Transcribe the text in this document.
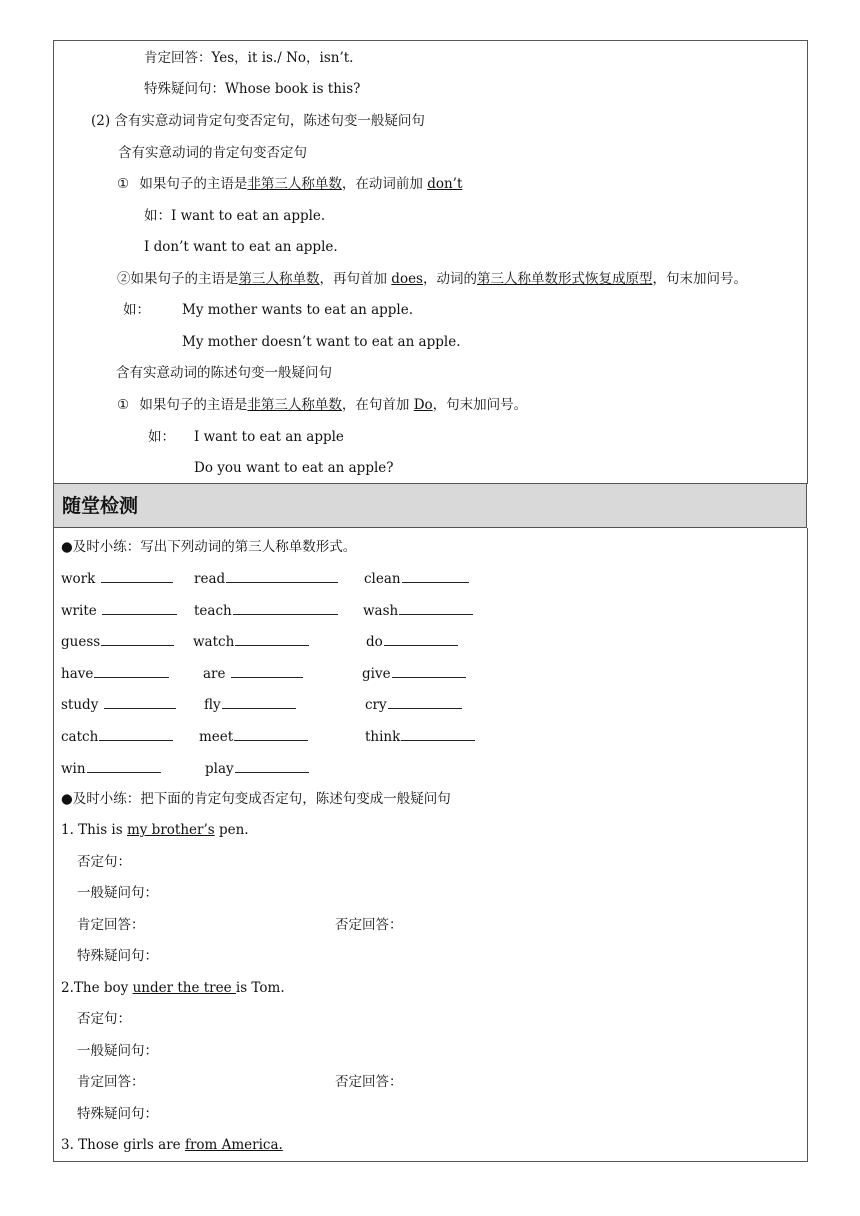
肯定回答：Yes，it is./ No，isn’t.
特殊疑问句：Whose book is this?
(2) 含有实意动词肯定句变否定句，陈述句变一般疑问句
含有实意动词的肯定句变否定句
① 如果句子的主语是非第三人称单数，在动词前加 don’t
如：I want to eat an apple.
I don’t want to eat an apple.
②如果句子的主语是第三人称单数，再句首加 does，动词的第三人称单数形式恢复成原型，句末加问号。
如： My mother wants to eat an apple.
My mother doesn’t want to eat an apple.
含有实意动词的陈述句变一般疑问句
① 如果句子的主语是非第三人称单数，在句首加 Do，句末加问号。
如： I want to eat an apple
Do you want to eat an apple?
随堂检测
●及时小练：写出下列动词的第三人称单数形式。
work	read	clean
write	teach	wash
guess	watch	do
have	are	give
study	fly	cry
catch	meet	think
win	play
●及时小练：把下面的肯定句变成否定句，陈述句变成一般疑问句
1. This is my brother’s pen.
否定句：
一般疑问句：
肯定回答：	否定回答：
特殊疑问句：
2.The boy under the tree is Tom.
否定句：
一般疑问句：
肯定回答：	否定回答：
特殊疑问句：
3. Those girls are from America.
